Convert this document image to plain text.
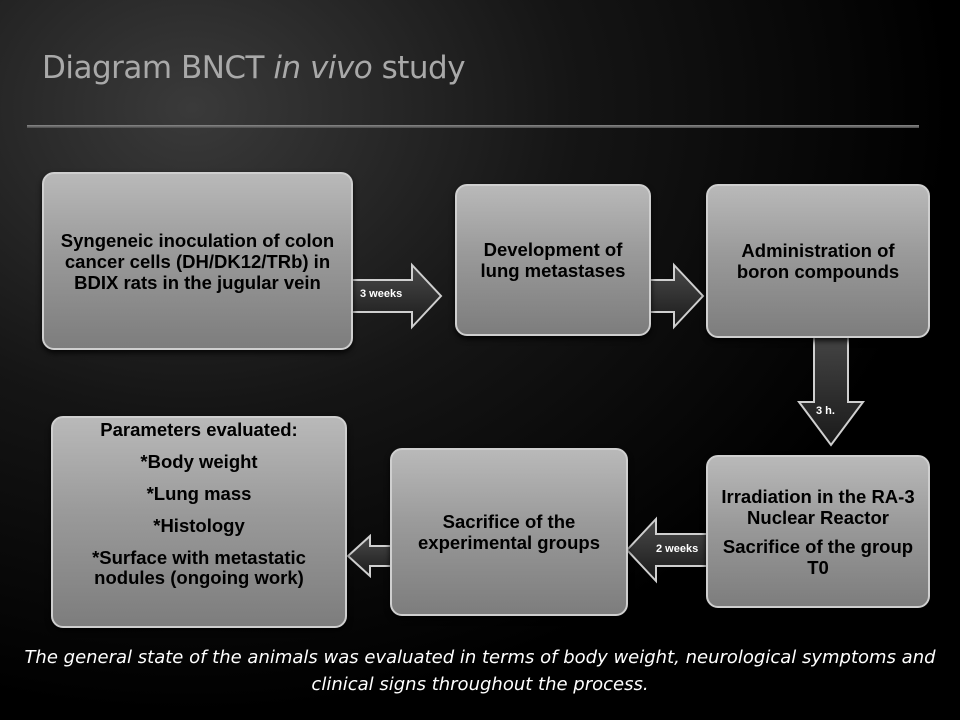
Diagram BNCT in vivo study
3 weeks
3 h.
2 weeks

Syngeneic inoculation of colon cancer cells (DH/DK12/TRb) in BDIX rats in the jugular vein

Development of lung metastases

Administration of boron compounds

Irradiation in the RA-3 Nuclear Reactor

Sacrifice of the group T0

Sacrifice of the experimental groups

Parameters evaluated:

*Body weight

*Lung mass

*Histology

*Surface with metastatic nodules (ongoing work)

The general state of the animals was evaluated in terms of body weight, neurological symptoms and clinical signs throughout the process.
